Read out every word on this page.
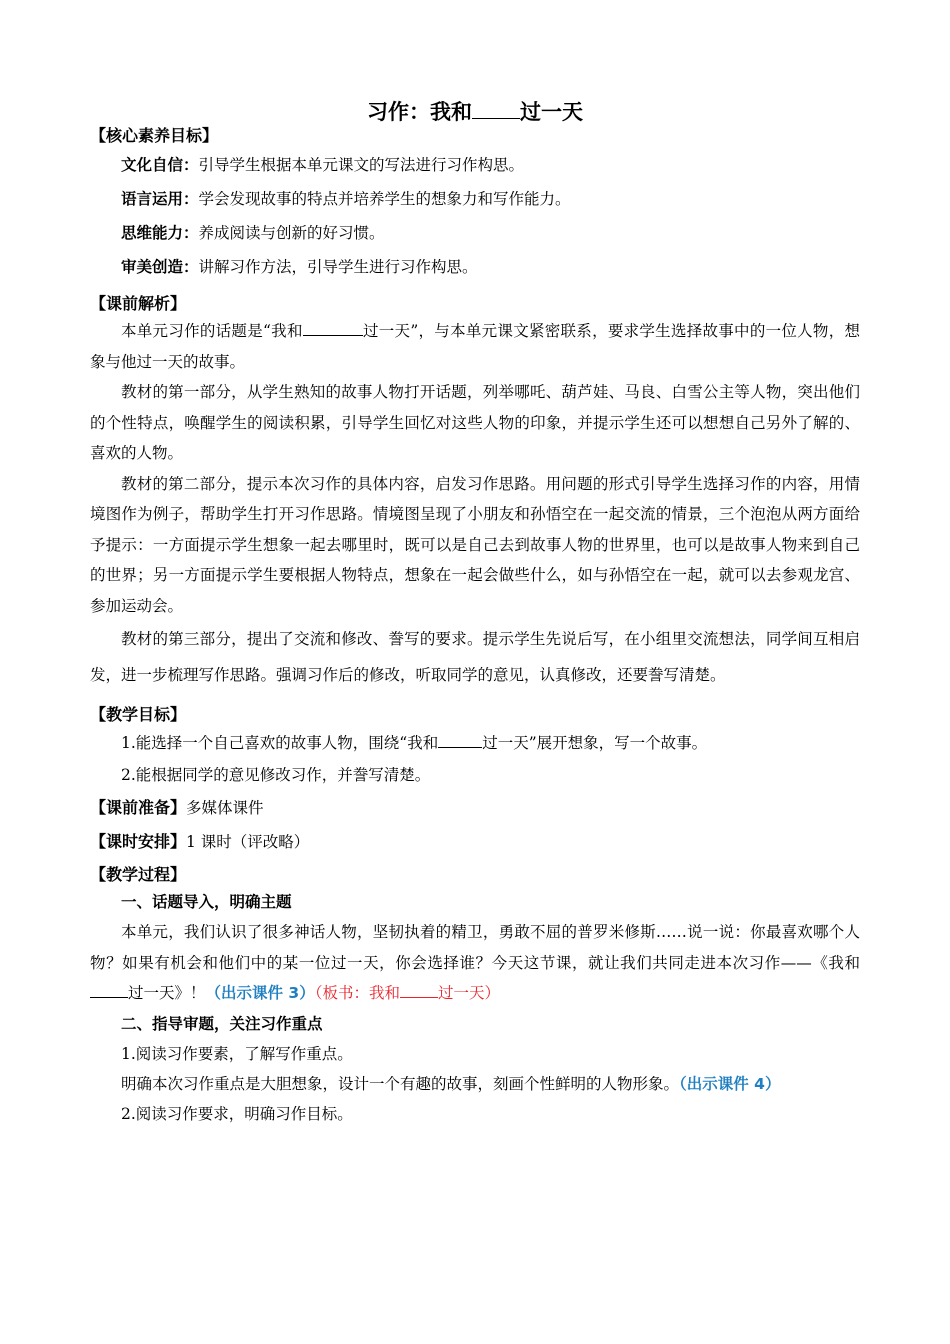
习作：我和 过一天
【核心素养目标】
文化自信：引导学生根据本单元课文的写法进行习作构思。
语言运用：学会发现故事的特点并培养学生的想象力和写作能力。
思维能力：养成阅读与创新的好习惯。
审美创造：讲解习作方法，引导学生进行习作构思。
【课前解析】

本单元习作的话题是“我和	过一天”，与本单元课文紧密联系，要求学生选择故事中的一位人物，想象与他过一天的故事。

教材的第一部分，从学生熟知的故事人物打开话题，列举哪吒、葫芦娃、马良、白雪公主等人物，突出他们的个性特点，唤醒学生的阅读积累，引导学生回忆对这些人物的印象，并提示学生还可以想想自己另外了解的、喜欢的人物。

教材的第二部分，提示本次习作的具体内容，启发习作思路。用问题的形式引导学生选择习作的内容，用情境图作为例子，帮助学生打开习作思路。情境图呈现了小朋友和孙悟空在一起交流的情景，三个泡泡从两方面给予提示：一方面提示学生想象一起去哪里时，既可以是自己去到故事人物的世界里，也可以是故事人物来到自己的世界；另一方面提示学生要根据人物特点，想象在一起会做些什么，如与孙悟空在一起，就可以去参观龙宫、参加运动会。

教材的第三部分，提出了交流和修改、誊写的要求。提示学生先说后写，在小组里交流想法，同学间互相启发，进一步梳理写作思路。强调习作后的修改，听取同学的意见，认真修改，还要誊写清楚。

【教学目标】
1.能选择一个自己喜欢的故事人物，围绕“我和	过一天”展开想象，写一个故事。
2.能根据同学的意见修改习作，并誊写清楚。
【课前准备】多媒体课件
【课时安排】1 课时（评改略）
【教学过程】
一、话题导入，明确主题

本单元，我们认识了很多神话人物，坚韧执着的精卫，勇敢不屈的普罗米修斯……说一说：你最喜欢哪个人物？如果有机会和他们中的某一位过一天，你会选择谁？今天这节课，就让我们共同走进本次习作——《我和过一天》！（出示课件 3）（板书：我和 过一天）

二、指导审题，关注习作重点
1.阅读习作要素，了解写作重点。

明确本次习作重点是大胆想象，设计一个有趣的故事，刻画个性鲜明的人物形象。（出示课件 4）

2.阅读习作要求，明确习作目标。
